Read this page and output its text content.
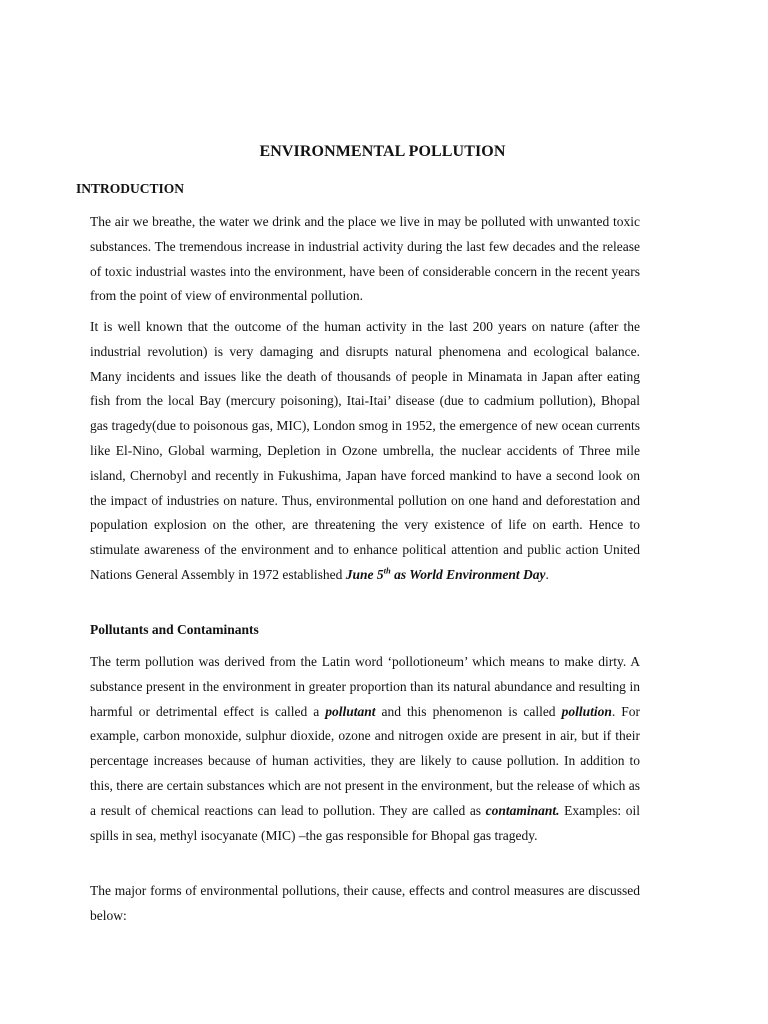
ENVIRONMENTAL POLLUTION
INTRODUCTION

The air we breathe, the water we drink and the place we live in may be polluted with unwanted toxic substances. The tremendous increase in industrial activity during the last few decades and the release of toxic industrial wastes into the environment, have been of considerable concern in the recent years from the point of view of environmental pollution.

It is well known that the outcome of the human activity in the last 200 years on nature (after the industrial revolution) is very damaging and disrupts natural phenomena and ecological balance. Many incidents and issues like the death of thousands of people in Minamata in Japan after eating fish from the local Bay (mercury poisoning), Itai-Itai’ disease (due to cadmium pollution), Bhopal gas tragedy(due to poisonous gas, MIC), London smog in 1952, the emergence of new ocean currents like El-Nino, Global warming, Depletion in Ozone umbrella, the nuclear accidents of Three mile island, Chernobyl and recently in Fukushima, Japan have forced mankind to have a second look on the impact of industries on nature. Thus, environmental pollution on one hand and deforestation and population explosion on the other, are threatening the very existence of life on earth. Hence to stimulate awareness of the environment and to enhance political attention and public action United Nations General Assembly in 1972 established June 5th as World Environment Day.

Pollutants and Contaminants

The term pollution was derived from the Latin word ‘pollotioneum’ which means to make dirty. A substance present in the environment in greater proportion than its natural abundance and resulting in harmful or detrimental effect is called a pollutant and this phenomenon is called pollution. For example, carbon monoxide, sulphur dioxide, ozone and nitrogen oxide are present in air, but if their percentage increases because of human activities, they are likely to cause pollution. In addition to this, there are certain substances which are not present in the environment, but the release of which as a result of chemical reactions can lead to pollution. They are called as contaminant. Examples: oil spills in sea, methyl isocyanate (MIC) –the gas responsible for Bhopal gas tragedy.

The major forms of environmental pollutions, their cause, effects and control measures are discussed below:
